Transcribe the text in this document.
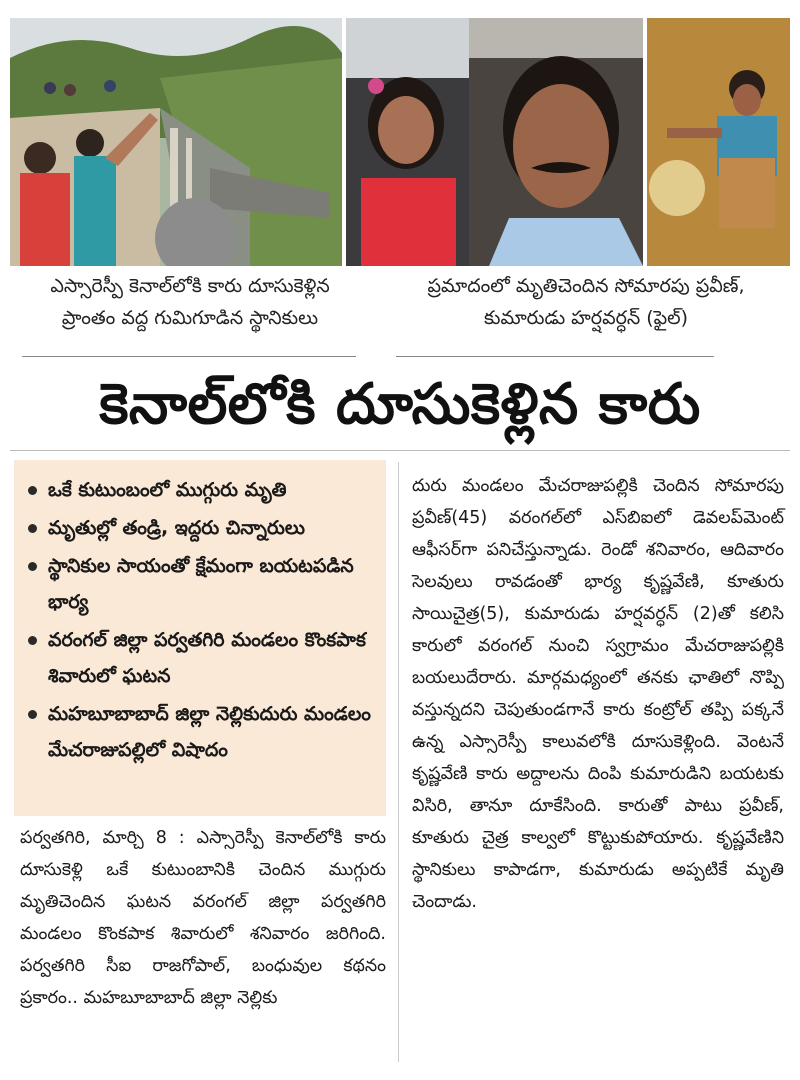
ఎస్సారెస్పీ కెనాల్‌లోకి కారు దూసుకెళ్లిన
ప్రాంతం వద్ద గుమిగూడిన స్థానికులు
ప్రమాదంలో మృతిచెందిన సోమారపు ప్రవీణ్‌,
కుమారుడు హర్షవర్ధన్‌ (ఫైల్‌)
కెనాల్‌లోకి దూసుకెళ్లిన కారు
ఒకే కుటుంబంలో ముగ్గురు మృతి
మృతుల్లో తండ్రి, ఇద్దరు చిన్నారులు
స్థానికుల సాయంతో క్షేమంగా బయటపడిన భార్య
వరంగల్‌ జిల్లా పర్వతగిరి మండలం కొంకపాక శివారులో ఘటన
మహబూబాబాద్‌ జిల్లా నెల్లికుదురు మండలం మేచరాజుపల్లిలో విషాదం

పర్వతగిరి, మార్చి 8 : ఎస్సారెస్పీ కెనాల్‌లోకి కారు దూసుకెళ్లి ఒకే కుటుంబానికి చెందిన ముగ్గురు మృతిచెందిన ఘటన వరంగల్‌ జిల్లా పర్వతగిరి మండలం కొంకపాక శివారులో శనివారం జరిగింది. పర్వతగిరి సీఐ రాజగోపాల్‌, బంధువుల కథనం ప్రకారం.. మహబూబాబాద్‌ జిల్లా నెల్లికు

దురు మండలం మేచరాజుపల్లికి చెందిన సోమారపు ప్రవీణ్‌(45) వరంగల్‌లో ఎస్‌బిఐలో డెవలప్‌మెంట్‌ ఆఫీసర్‌గా పనిచేస్తున్నాడు. రెండో శనివారం, ఆదివారం సెలవులు రావడంతో భార్య కృష్ణవేణి, కూతురు సాయిచైత్ర(5), కుమారుడు హర్షవర్ధన్‌ (2)తో కలిసి కారులో వరంగల్‌ నుంచి స్వగ్రామం మేచరాజుపల్లికి బయలుదేరారు. మార్గమధ్యంలో తనకు ఛాతిలో నొప్పి వస్తున్నదని చెపుతుండగానే కారు కంట్రోల్‌ తప్పి పక్కనే ఉన్న ఎస్సారెస్పీ కాలువలోకి దూసుకెళ్లింది. వెంటనే కృష్ణవేణి కారు అద్దాలను దింపి కుమారుడిని బయటకు విసిరి, తానూ దూకేసింది. కారుతో పాటు ప్రవీణ్‌, కూతురు చైత్ర కాల్వలో కొట్టుకుపోయారు. కృష్ణవేణిని స్థానికులు కాపాడగా, కుమారుడు అప్పటికే మృతి చెందాడు.
